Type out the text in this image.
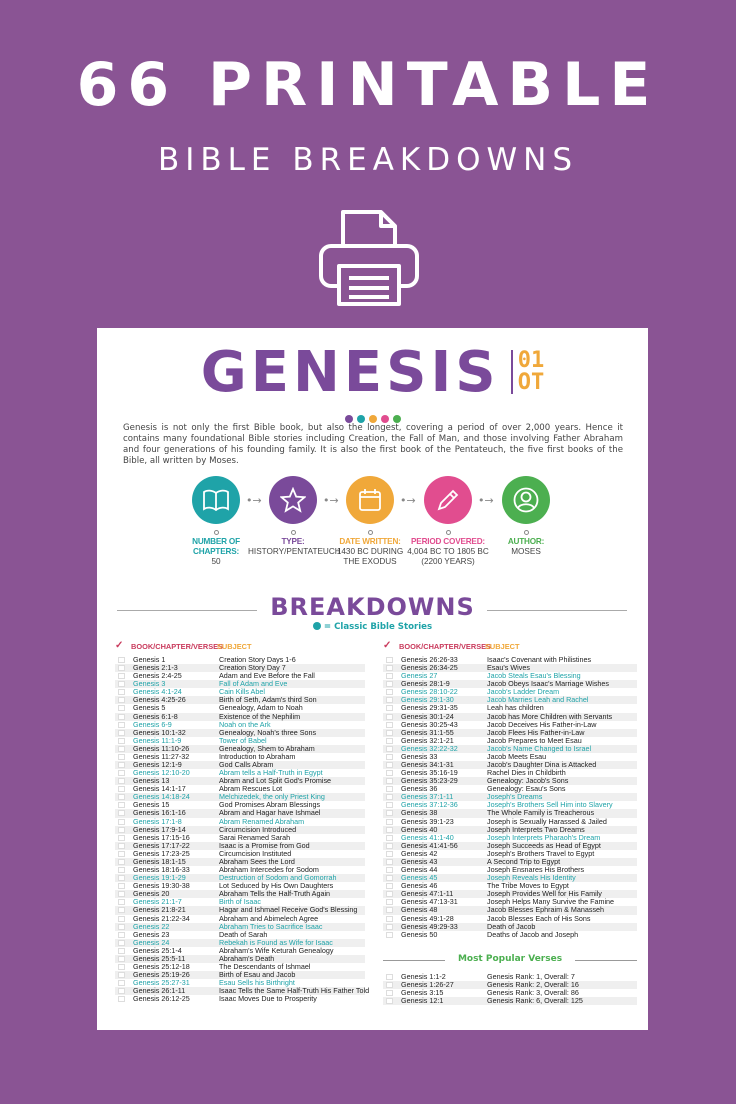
66 PRINTABLE
BIBLE BREAKDOWNS
GENESIS 01
OT

Genesis is not only the first Bible book, but also the longest, covering a period of over 2,000 years. Hence it contains many foundational Bible stories including Creation, the Fall of Man, and those involving Father Abraham and four generations of his founding family. It is also the first book of the Pentateuch, the five first books of the Bible, all written by Moses.

NUMBER OF
CHAPTERS:
50
•→
TYPE:
HISTORY/PENTATEUCH
•→
DATE WRITTEN:
1430 BC DURING
THE EXODUS
•→
PERIOD COVERED:
4,004 BC TO 1805 BC
(2200 YEARS)
•→
AUTHOR:
MOSES
BREAKDOWNS
= Classic Bible Stories
✓ BOOK/CHAPTER/VERSES
SUBJECT
Genesis 1	Creation Story Days 1-6
Genesis 2:1-3	Creation Story Day 7
Genesis 2:4-25	Adam and Eve Before the Fall
Genesis 3	Fall of Adam and Eve
Genesis 4:1-24	Cain Kills Abel
Genesis 4:25-26	Birth of Seth, Adam's third Son
Genesis 5	Genealogy, Adam to Noah
Genesis 6:1-8	Existence of the Nephilim
Genesis 6-9	Noah on the Ark
Genesis 10:1-32	Genealogy, Noah's three Sons
Genesis 11:1-9	Tower of Babel
Genesis 11:10-26	Genealogy, Shem to Abraham
Genesis 11:27-32	Introduction to Abraham
Genesis 12:1-9	God Calls Abram
Genesis 12:10-20	Abram tells a Half-Truth in Egypt
Genesis 13	Abram and Lot Split God's Promise
Genesis 14:1-17	Abram Rescues Lot
Genesis 14:18-24	Melchizedek, the only Priest King
Genesis 15	God Promises Abram Blessings
Genesis 16:1-16	Abram and Hagar have Ishmael
Genesis 17:1-8	Abram Renamed Abraham
Genesis 17:9-14	Circumcision Introduced
Genesis 17:15-16	Sarai Renamed Sarah
Genesis 17:17-22	Isaac is a Promise from God
Genesis 17:23-25	Circumcision Instituted
Genesis 18:1-15	Abraham Sees the Lord
Genesis 18:16-33	Abraham Intercedes for Sodom
Genesis 19:1-29	Destruction of Sodom and Gomorrah
Genesis 19:30-38	Lot Seduced by His Own Daughters
Genesis 20	Abraham Tells the Half-Truth Again
Genesis 21:1-7	Birth of Isaac
Genesis 21:8-21	Hagar and Ishmael Receive God's Blessing
Genesis 21:22-34	Abraham and Abimelech Agree
Genesis 22	Abraham Tries to Sacrifice Isaac
Genesis 23	Death of Sarah
Genesis 24	Rebekah is Found as Wife for Isaac
Genesis 25:1-4	Abraham's Wife Keturah Genealogy
Genesis 25:5-11	Abraham's Death
Genesis 25:12-18	The Descendants of Ishmael
Genesis 25:19-26	Birth of Esau and Jacob
Genesis 25:27-31	Esau Sells his Birthright
Genesis 26:1-11	Isaac Tells the Same Half-Truth His Father Told
Genesis 26:12-25	Isaac Moves Due to Prosperity
✓ BOOK/CHAPTER/VERSES
SUBJECT
Genesis 26:26-33	Isaac's Covenant with Philistines
Genesis 26:34-25	Esau's Wives
Genesis 27	Jacob Steals Esau's Blessing
Genesis 28:1-9	Jacob Obeys Isaac's Marriage Wishes
Genesis 28:10-22	Jacob's Ladder Dream
Genesis 29:1-30	Jacob Marries Leah and Rachel
Genesis 29:31-35	Leah has children
Genesis 30:1-24	Jacob has More Children with Servants
Genesis 30:25-43	Jacob Deceives His Father-in-Law
Genesis 31:1-55	Jacob Flees His Father-in-Law
Genesis 32:1-21	Jacob Prepares to Meet Esau
Genesis 32:22-32	Jacob's Name Changed to Israel
Genesis 33	Jacob Meets Esau
Genesis 34:1-31	Jacob's Daughter Dina is Attacked
Genesis 35:16-19	Rachel Dies in Childbirth
Genesis 35:23-29	Genealogy: Jacob's Sons
Genesis 36	Genealogy: Esau's Sons
Genesis 37:1-11	Joseph's Dreams
Genesis 37:12-36	Joseph's Brothers Sell Him into Slavery
Genesis 38	The Whole Family is Treacherous
Genesis 39:1-23	Joseph is Sexually Harassed & Jailed
Genesis 40	Joseph Interprets Two Dreams
Genesis 41:1-40	Joseph Interprets Pharaoh's Dream
Genesis 41:41-56	Joseph Succeeds as Head of Egypt
Genesis 42	Joseph's Brothers Travel to Egypt
Genesis 43	A Second Trip to Egypt
Genesis 44	Joseph Ensnares His Brothers
Genesis 45	Joseph Reveals His Identity
Genesis 46	The Tribe Moves to Egypt
Genesis 47:1-11	Joseph Provides Well for His Family
Genesis 47:13-31	Joseph Helps Many Survive the Famine
Genesis 48	Jacob Blesses Ephraim & Manasseh
Genesis 49:1-28	Jacob Blesses Each of His Sons
Genesis 49:29-33	Death of Jacob
Genesis 50	Deaths of Jacob and Joseph
Most Popular Verses
Genesis 1:1-2	Genesis Rank: 1, Overall: 7
Genesis 1:26-27	Genesis Rank: 2, Overall: 16
Genesis 3:15	Genesis Rank: 3, Overall: 86
Genesis 12:1	Genesis Rank: 6, Overall: 125
